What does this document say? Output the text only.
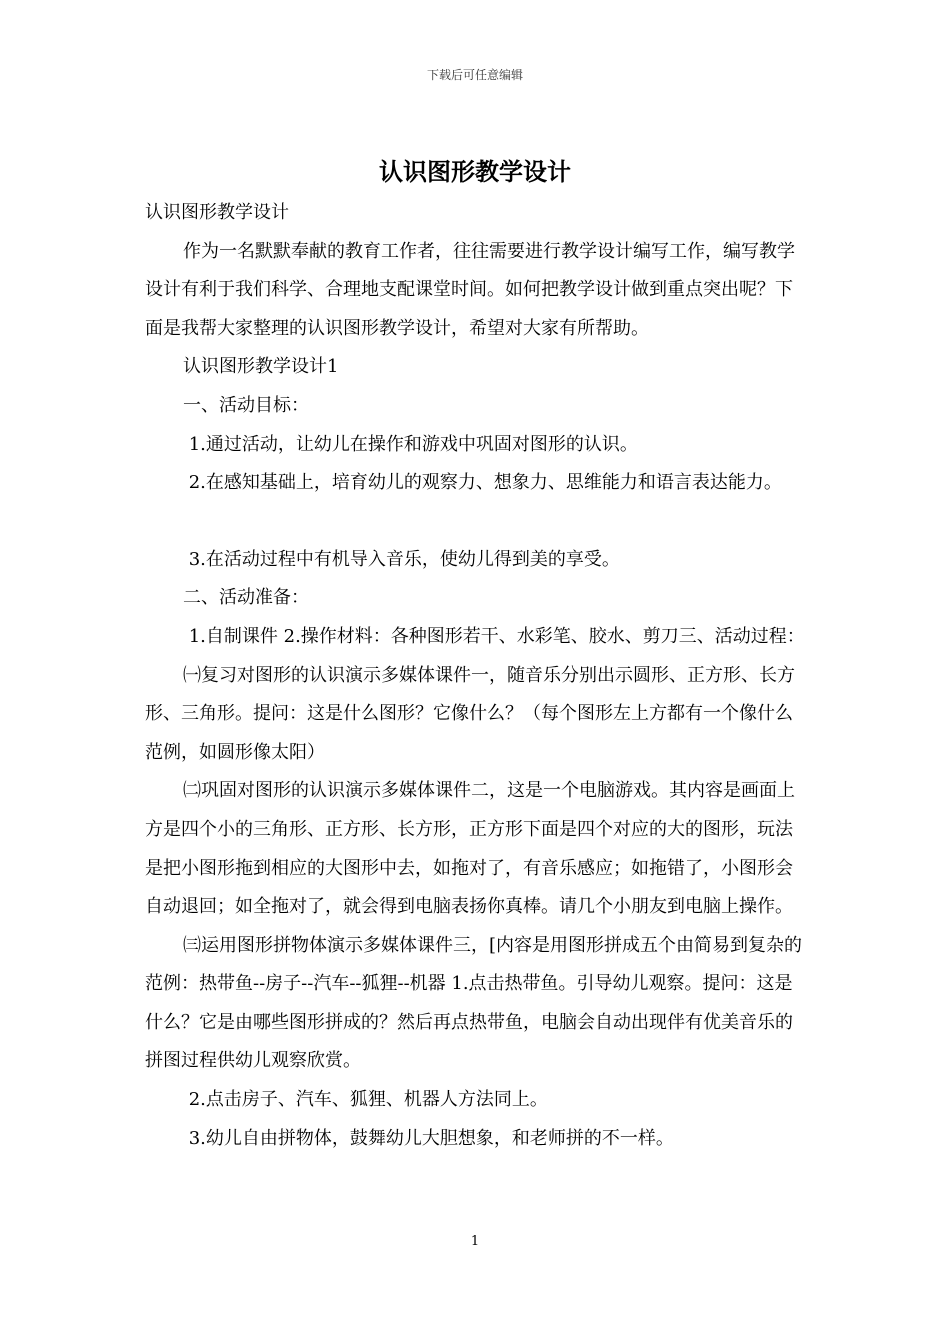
下载后可任意编辑
认识图形教学设计

认识图形教学设计

作为一名默默奉献的教育工作者，往往需要进行教学设计编写工作，编写教学设计有利于我们科学、合理地支配课堂时间。如何把教学设计做到重点突出呢？下面是我帮大家整理的认识图形教学设计，希望对大家有所帮助。

认识图形教学设计1

一、活动目标：

1.通过活动，让幼儿在操作和游戏中巩固对图形的认识。

2.在感知基础上，培育幼儿的观察力、想象力、思维能力和语言表达能力。

3.在活动过程中有机导入音乐，使幼儿得到美的享受。

二、活动准备：

1.自制课件 2.操作材料：各种图形若干、水彩笔、胶水、剪刀三、活动过程：

㈠复习对图形的认识演示多媒体课件一，随音乐分别出示圆形、正方形、长方形、三角形。提问：这是什么图形？它像什么？（每个图形左上方都有一个像什么范例，如圆形像太阳）

㈡巩固对图形的认识演示多媒体课件二，这是一个电脑游戏。其内容是画面上方是四个小的三角形、正方形、长方形，正方形下面是四个对应的大的图形，玩法是把小图形拖到相应的大图形中去，如拖对了，有音乐感应；如拖错了，小图形会自动退回；如全拖对了，就会得到电脑表扬你真棒。请几个小朋友到电脑上操作。

㈢运用图形拼物体演示多媒体课件三，[内容是用图形拼成五个由简易到复杂的范例：热带鱼--房子--汽车--狐狸--机器 1.点击热带鱼。引导幼儿观察。提问：这是什么？它是由哪些图形拼成的？然后再点热带鱼，电脑会自动出现伴有优美音乐的拼图过程供幼儿观察欣赏。

2.点击房子、汽车、狐狸、机器人方法同上。

3.幼儿自由拼物体，鼓舞幼儿大胆想象，和老师拼的不一样。

1
